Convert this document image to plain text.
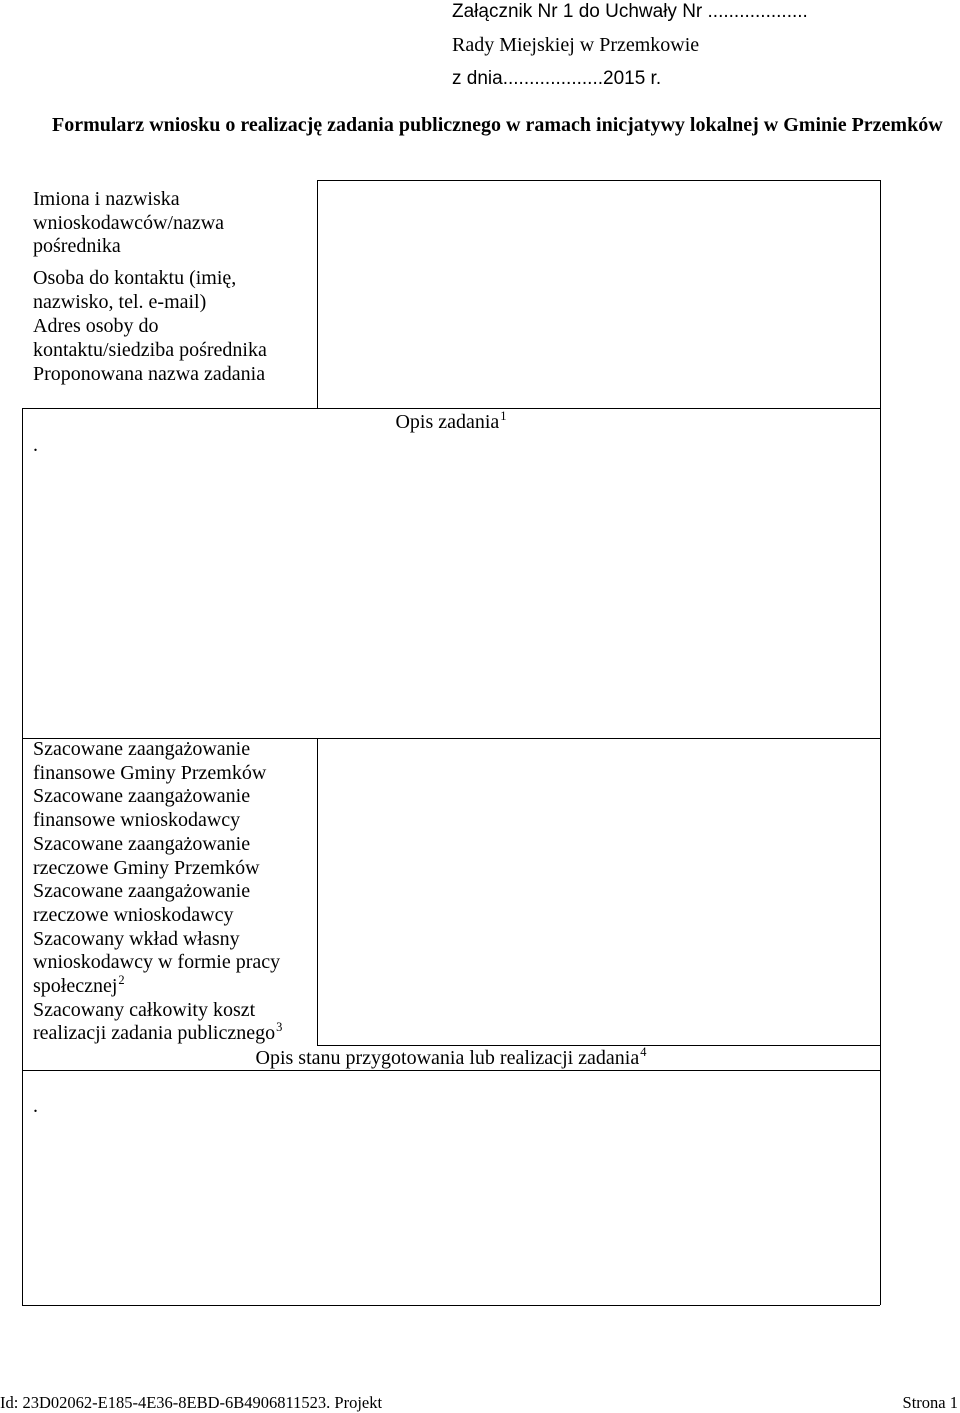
Załącznik Nr 1 do Uchwały Nr ...................
Rady Miejskiej w Przemkowie
z dnia...................2015 r.
Formularz wniosku o realizację zadania publicznego w ramach inicjatywy lokalnej w Gminie Przemków
Imiona i nazwiska
wnioskodawców/nazwa
pośrednika
Osoba do kontaktu (imię,
nazwisko, tel. e-mail)
Adres osoby do
kontaktu/siedziba pośrednika
Proponowana nazwa zadania
Opis zadania$^1$
.
Szacowane zaangażowanie
finansowe Gminy Przemków
Szacowane zaangażowanie
finansowe wnioskodawcy
Szacowane zaangażowanie
rzeczowe Gminy Przemków
Szacowane zaangażowanie
rzeczowe wnioskodawcy
Szacowany wkład własny
wnioskodawcy w formie pracy
społecznej$^2$
Szacowany całkowity koszt
realizacji zadania publicznego$^3$
Opis stanu przygotowania lub realizacji zadania$^4$
.
Id: 23D02062-E185-4E36-8EBD-6B4906811523. Projekt	Strona 1
